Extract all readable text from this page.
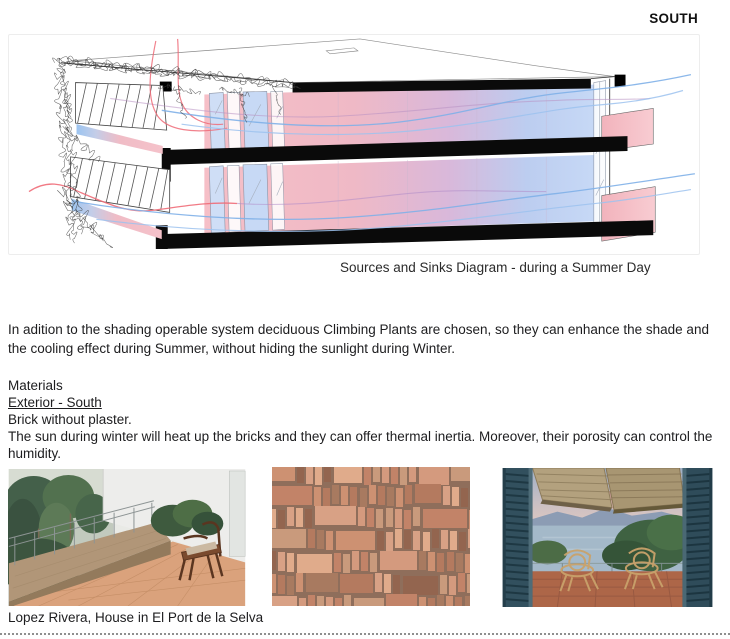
SOUTH
Sources and Sinks Diagram - during a Summer Day

In adition to the shading operable system deciduous Climbing Plants are chosen, so they can enhance the shade and the cooling effect during Summer, without hiding the sunlight during Winter.

Materials
Exterior - South
Brick without plaster.
The sun during winter will heat up the bricks and they can offer thermal inertia. Moreover, their porosity can control the humidity.
Lopez Rivera, House in El Port de la Selva
